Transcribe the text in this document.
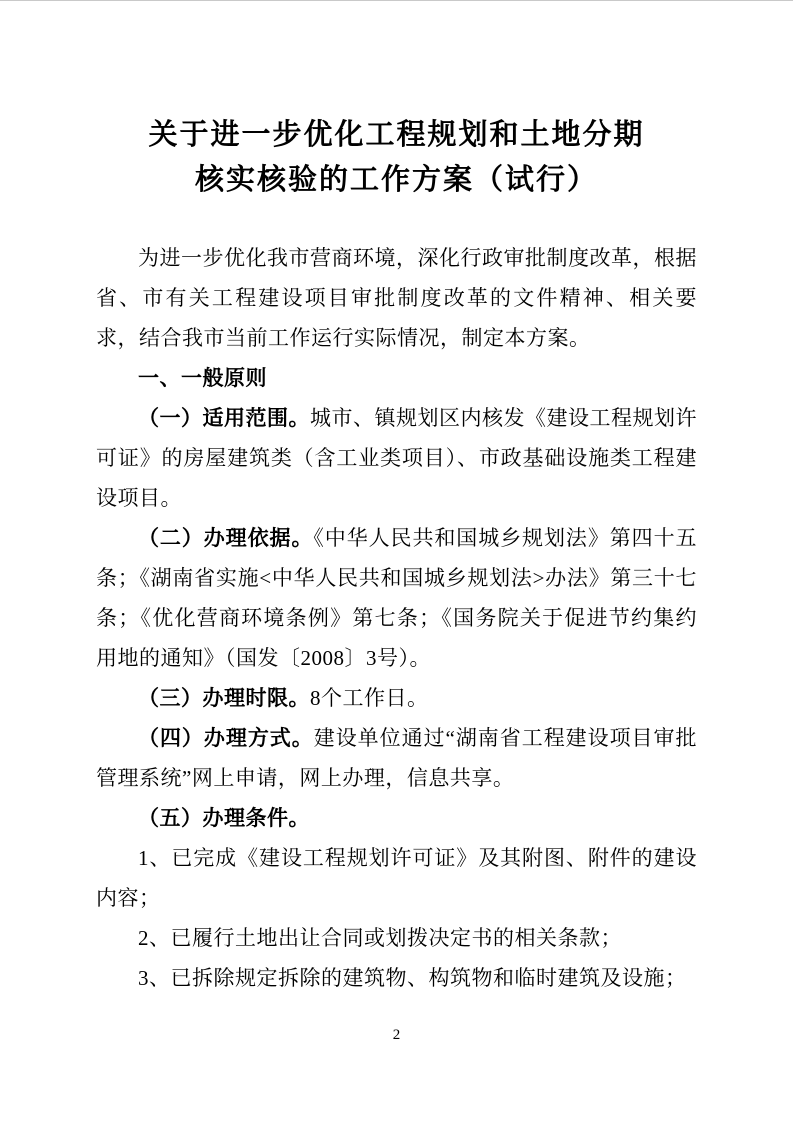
关于进一步优化工程规划和土地分期
核实核验的工作方案（试行）

为进一步优化我市营商环境，深化行政审批制度改革，根据省、市有关工程建设项目审批制度改革的文件精神、相关要求，结合我市当前工作运行实际情况，制定本方案。

一、一般原则

（一）适用范围。城市、镇规划区内核发《建设工程规划许可证》的房屋建筑类（含工业类项目）、市政基础设施类工程建设项目。

（二）办理依据。《中华人民共和国城乡规划法》第四十五条；《湖南省实施<中华人民共和国城乡规划法>办法》第三十七条；《优化营商环境条例》第七条；《国务院关于促进节约集约用地的通知》（国发〔2008〕3号）。

（三）办理时限。8个工作日。

（四）办理方式。建设单位通过“湖南省工程建设项目审批管理系统”网上申请，网上办理，信息共享。

（五）办理条件。

1、已完成《建设工程规划许可证》及其附图、附件的建设内容；

2、已履行土地出让合同或划拨决定书的相关条款；

3、已拆除规定拆除的建筑物、构筑物和临时建筑及设施；

2
